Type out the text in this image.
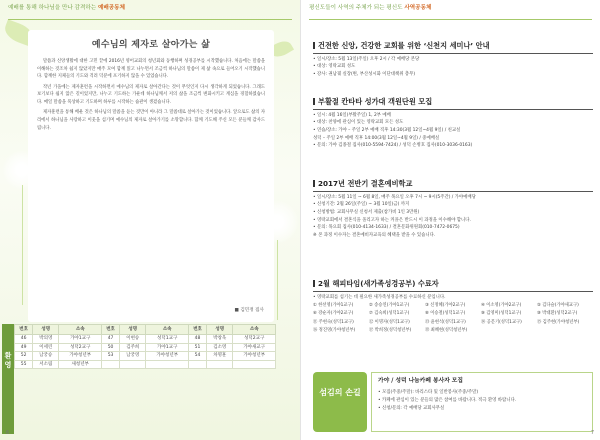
예배를 통해 하나님을 만나 감격하는 예배공동체
예수님의 제자로 살아가는 삶

말씀과 신앙생활에 대한 고민 끝에 2016년 영어교회의 청년회와 동행하며 성경공부를 시작했습니다. 처음에는 말씀을 이해하는 것조차 쉽지 않았지만 매주 모여 함께 읽고 나누면서 조금씩 하나님의 말씀이 제 삶 속으로 들어오기 시작했습니다. 함께한 지체들의 기도와 격려 덕분에 포기하지 않을 수 있었습니다.

작년 가을에는 제자훈련을 시작하면서 예수님의 제자로 살아간다는 것이 무엇인지 다시 생각하게 되었습니다. 그래도 보기보다 쉽지 않은 길이었지만, 나누고 기도하는 가운데 하나님께서 저의 삶을 조금씩 변화시키고 계심을 경험하였습니다. 매일 말씀을 묵상하고 기도하며 하루를 시작하는 습관이 생겼습니다.

제자훈련을 통해 배운 것은 하나님의 말씀을 듣는 것만이 아니라 그 말씀대로 살아가는 것이었습니다. 앞으로도 삶의 자리에서 하나님을 사랑하고 이웃을 섬기며 예수님의 제자로 살아가기를 소망합니다. 함께 기도해 주신 모든 분들께 감사드립니다.

■ 김민정 집사
환영
번호	성명	소속	번호	성명	소속	번호	성명	소속
46	박의영	가야1교구	47	이현승	성덕1교구	48	박창욱	성덕2교구
49	이세린	성덕2교구	50	김주희	가야1교구	51	김소영	가야새교구
52	남궁승	가야청년부	53	남궁영	가야청년부	54	차명훈	가야청년부
55	서소림	새청년부						
6
평신도들이 사역의 주체가 되는 평신도 사역공동체
건전한 신앙, 건강한 교회를 위한 ‘신천지 세미나’ 안내
• 일시/장소: 5월 13일(주일) 오후 2시 / 각 예배당 본당
• 대상: 영락교회 성도
• 강사: 권남궤 실장(변, 부산성시화 이단대책위 총무)
부활절 칸타타 성가대 객원단원 모집
• 일시: 4월 16일(부활주일) 1, 2부 예배
• 대상: 찬양에 관심이 있는 영락교회 모든 성도
• 연습/장소: 가야 – 주일 2부 예배 직후 14:30(3월 12일~4월 9일) / 친교실
성덕 – 주일 2부 예배 직후 14:00(3월 12일~4월 9일) / 중예배실
• 문의: 가야 김종철 집사(010-5594-7424) / 성덕 손병호 집사(010-3036-0163)
2017년 전반기 결혼예비학교
• 일시/장소: 5월 11일 ~ 6월 8일, 매주 목요일 오후 7시 ~ 9시(5주간) / 가야예배당
• 신청기간: 2월 26일(주일) ~ 3월 10일(금) 까지
• 신청방법: 교회사무실 신청서 제출(참가비 1인 3만원)
• 영락교회에서 결혼식을 올리고자 하는 커플은 반드시 이 과정을 이수해야 합니다.
• 문의: 목요회 집사(010-4134-1633) / 결혼문화위원회(010-7472-0675)
※ 본 과정 이수자는 결혼예비자교육의 혜택을 받을 수 있습니다.
2월 해피타임(새가족성경공부) 수료자
• 영락교회를 섬기는 데 필요한 새가족성경공부를 수료하신 분입니다.
① 한선영(가야1교구)	② 송승연(가야1교구)	③ 신정혜(가야2교구)	④ 이소영(가야2교구)	⑤ 김다슬(가야새교구)
⑥ 강순자(가야2교구)	⑦ 김숙희(성덕1교구)	⑧ 이승철(성덕1교구)	⑨ 김영미(성덕1교구)	⑩ 박대환(성덕2교구)
⑪ 주현숙(성덕1교구)	⑫ 이명자(성덕1교구)	⑬ 윤현석(성덕1교구)	⑭ 공문기(성덕1교구)	⑮ 김주현(가야청년부)
⑯ 정진영(가야청년부)	⑰ 박희정(성덕청년부)	⑱ 최혜현(성덕청년부)
섬김의 손길
가야 / 성덕 나눔카페 봉사자 모집
• 모집(주중/주말): 바리스타 및 일반봉사(주중/주말)
• 카페에 관심이 있는 분들의 많은 참여를 바랍니다. 적극 환영 바랍니다.
• 신청/문의: 각 예배당 교회사무실
7
